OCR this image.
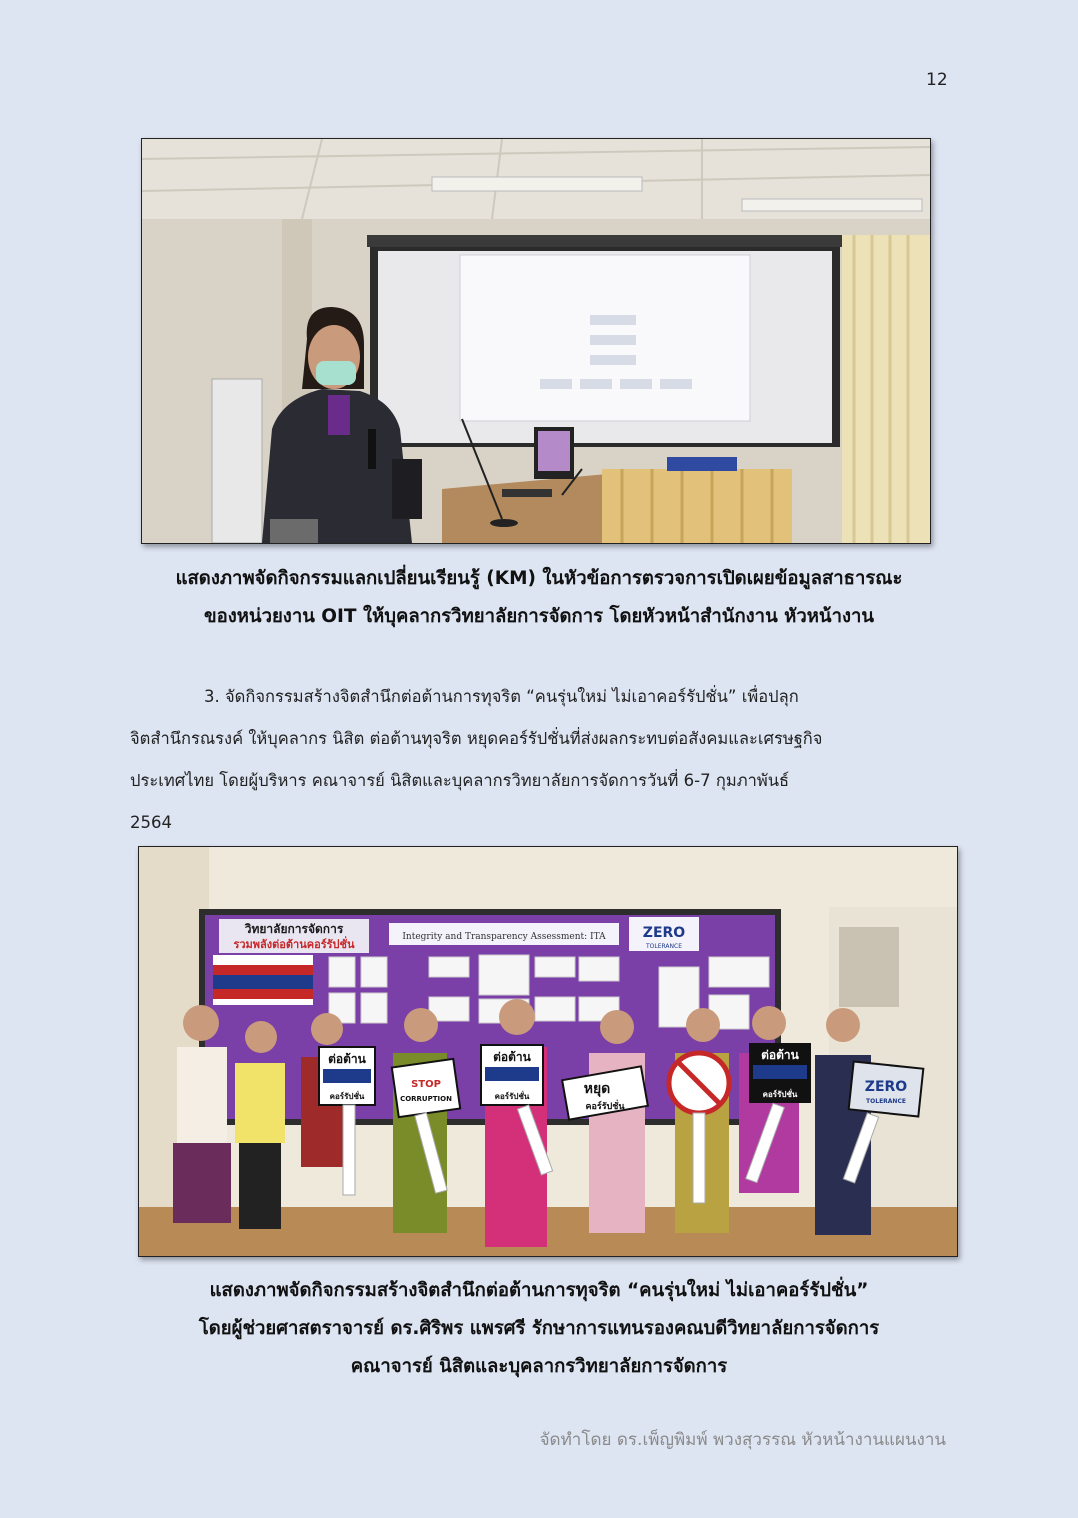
12
แสดงภาพจัดกิจกรรมแลกเปลี่ยนเรียนรู้ (KM) ในหัวข้อการตรวจการเปิดเผยข้อมูลสาธารณะ
ของหน่วยงาน OIT ให้บุคลากรวิทยาลัยการจัดการ โดยหัวหน้าสำนักงาน หัวหน้างาน
3. จัดกิจกรรมสร้างจิตสำนึกต่อต้านการทุจริต “คนรุ่นใหม่ ไม่เอาคอร์รัปชั่น” เพื่อปลุก
จิตสำนึกรณรงค์ ให้บุคลากร นิสิต ต่อต้านทุจริต หยุดคอร์รัปชั่นที่ส่งผลกระทบต่อสังคมและเศรษฐกิจ
ประเทศไทย โดยผู้บริหาร คณาจารย์ นิสิตและบุคลากรวิทยาลัยการจัดการวันที่ 6-7 กุมภาพันธ์
2564
วิทยาลัยการจัดการ
รวมพลังต่อต้านคอร์รัปชั่น
Integrity and Transparency Assessment: ITA	ZERO
TOLERANCE
ต่อต้าน
คอร์รัปชั่น
STOP
CORRUPTION
ต่อต้าน
คอร์รัปชั่น	หยุด
คอร์รัปชั่น
ต่อต้าน
คอร์รัปชั่น	ZERO
TOLERANCE
แสดงภาพจัดกิจกรรมสร้างจิตสำนึกต่อต้านการทุจริต “คนรุ่นใหม่ ไม่เอาคอร์รัปชั่น”
โดยผู้ช่วยศาสตราจารย์ ดร.ศิริพร แพรศรี รักษาการแทนรองคณบดีวิทยาลัยการจัดการ
คณาจารย์ นิสิตและบุคลากรวิทยาลัยการจัดการ
จัดทำโดย ดร.เพ็ญพิมพ์ พวงสุวรรณ หัวหน้างานแผนงาน
